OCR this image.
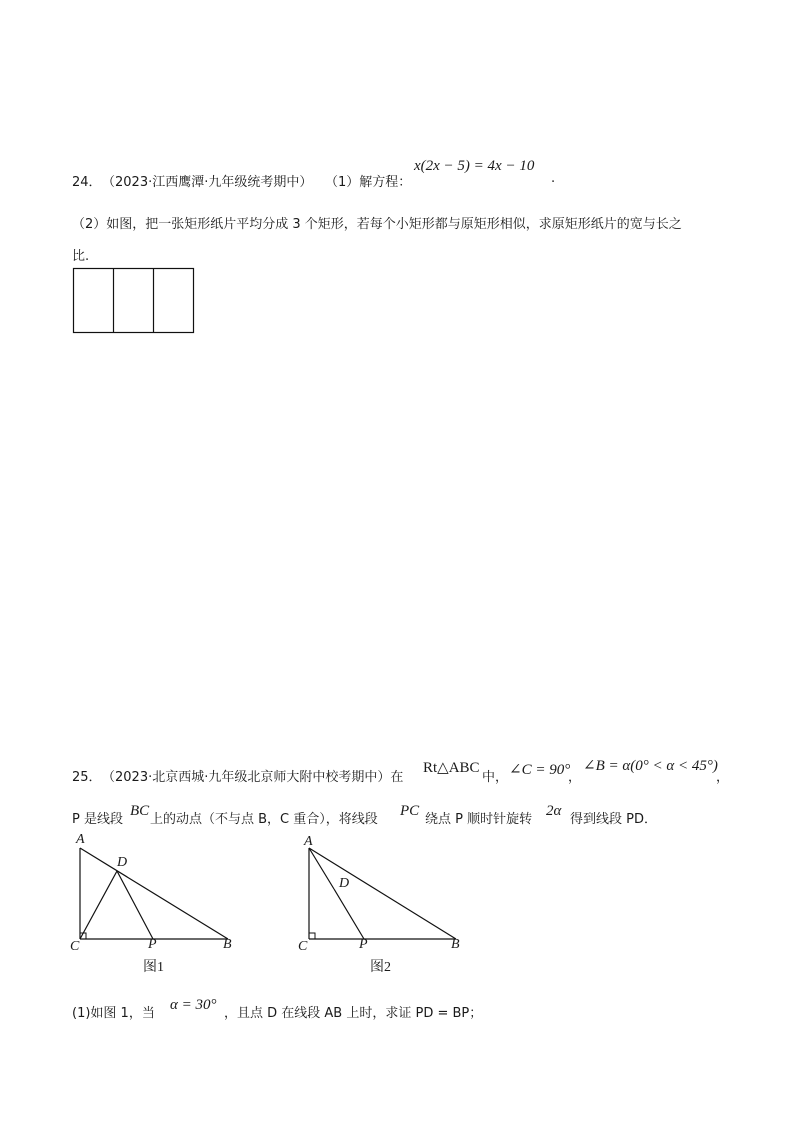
24． （2023·江西鹰潭·九年级统考期中） （1）解方程：
x(2x − 5) = 4x − 10
.
（2）如图，把一张矩形纸片平均分成 3 个矩形，若每个小矩形都与原矩形相似，求原矩形纸片的宽与长之
比.
25． （2023·北京西城·九年级北京师大附中校考期中）在
Rt△ABC
中， ∠C = 90°
，
∠B = α(0° < α < 45°)
，
P 是线段
BC
上的动点（不与点 B，C 重合），将线段
PC
绕点 P 顺时针旋转
2α
得到线段 PD．
A
D
C	P	B
图1
A
D
C	P	B
图2
(1)如图 1，当
α = 30°
，且点 D 在线段 AB 上时，求证 PD = BP；
